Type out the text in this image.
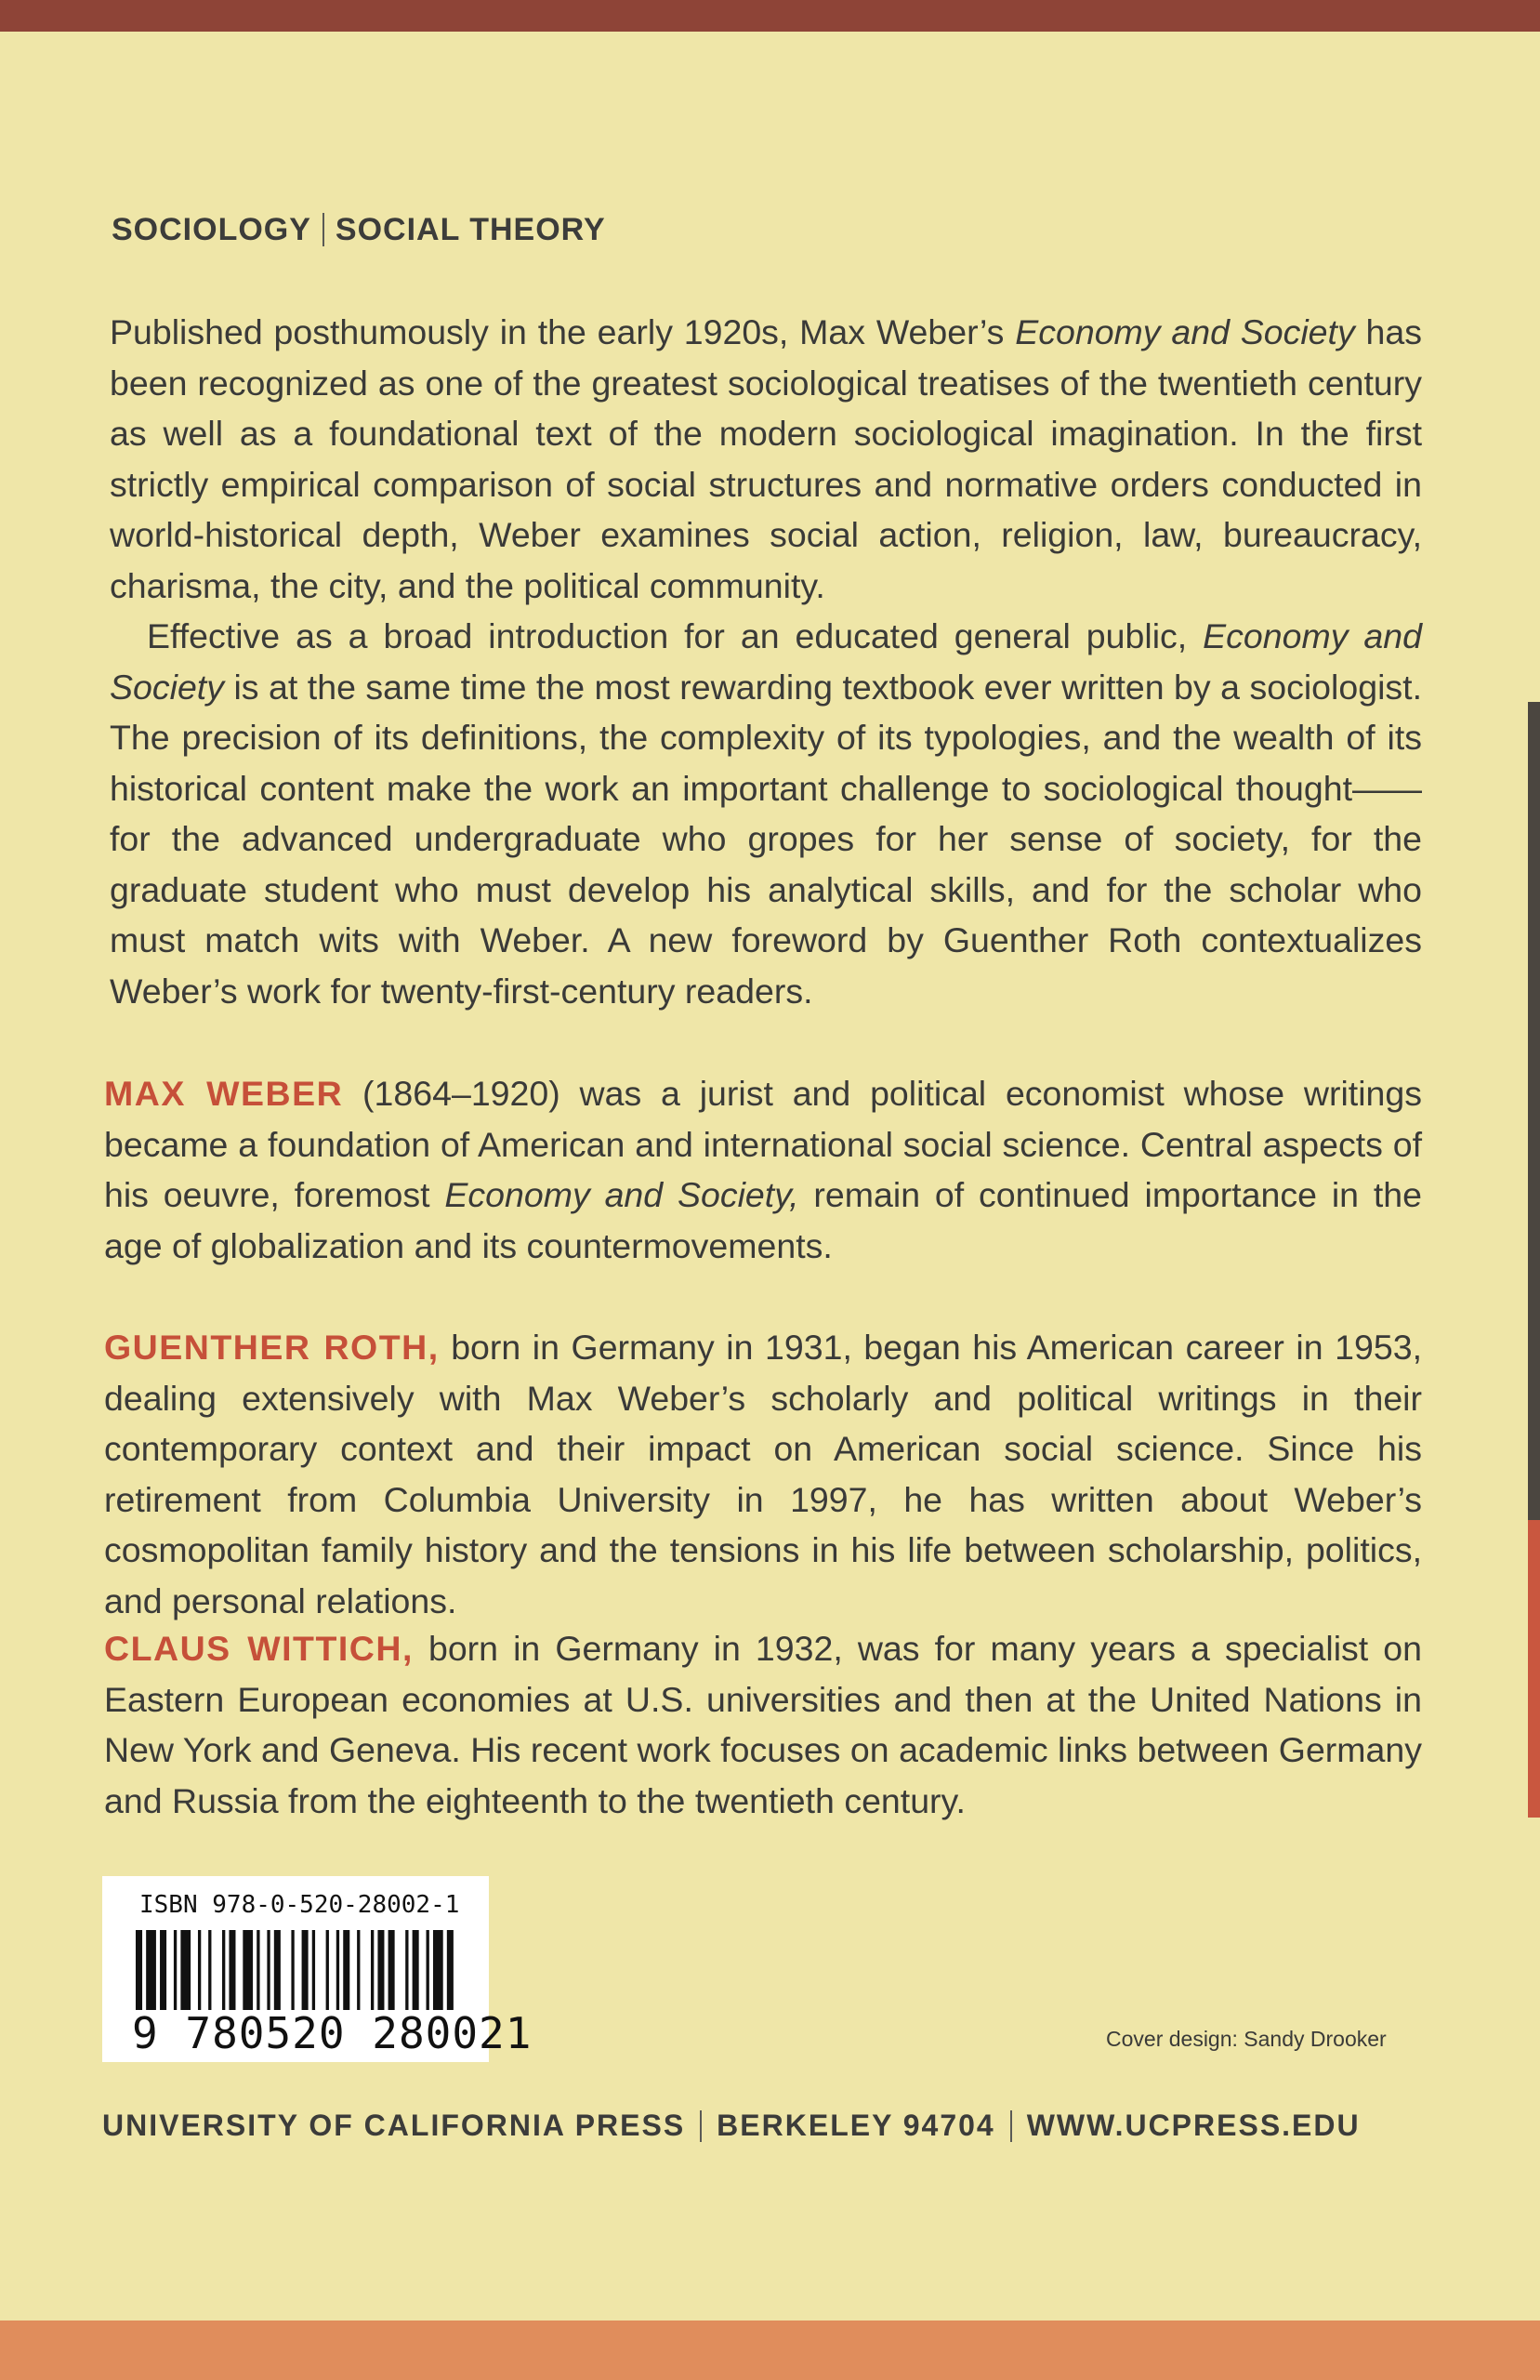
SOCIOLOGY SOCIAL THEORY

Published posthumously in the early 1920s, Max Weber’s Economy and Society has been recognized as one of the greatest sociological treatises of the twentieth century as well as a foundational text of the modern sociological imagination. In the first strictly empirical comparison of social structures and normative orders conducted in world-historical depth, Weber examines social action, religion, law, bureaucracy, charisma, the city, and the political community.

Effective as a broad introduction for an educated general public, Economy and Society is at the same time the most rewarding textbook ever written by a sociologist. The precision of its definitions, the complexity of its typologies, and the wealth of its historical content make the work an important challenge to sociological thought——for the advanced undergraduate who gropes for her sense of society, for the graduate student who must develop his analytical skills, and for the scholar who must match wits with Weber. A new foreword by Guenther Roth contextualizes Weber’s work for twenty-first-century readers.

MAX WEBER (1864–1920) was a jurist and political economist whose writings became a foundation of American and international social science. Central aspects of his oeuvre, foremost Economy and Society, remain of continued importance in the age of globalization and its countermovements.

GUENTHER ROTH, born in Germany in 1931, began his American career in 1953, dealing extensively with Max Weber’s scholarly and political writings in their contemporary context and their impact on American social science. Since his retirement from Columbia University in 1997, he has written about Weber’s cosmopolitan family history and the tensions in his life between scholarship, politics, and personal relations.

CLAUS WITTICH, born in Germany in 1932, was for many years a specialist on Eastern European economies at U.S. universities and then at the United Nations in New York and Geneva. His recent work focuses on academic links between Germany and Russia from the eighteenth to the twentieth century.

ISBN 978-0-520-28002-1
9 780520 280021	Cover design: Sandy Drooker
UNIVERSITY OF CALIFORNIA PRESS BERKELEY 94704 WWW.UCPRESS.EDU
